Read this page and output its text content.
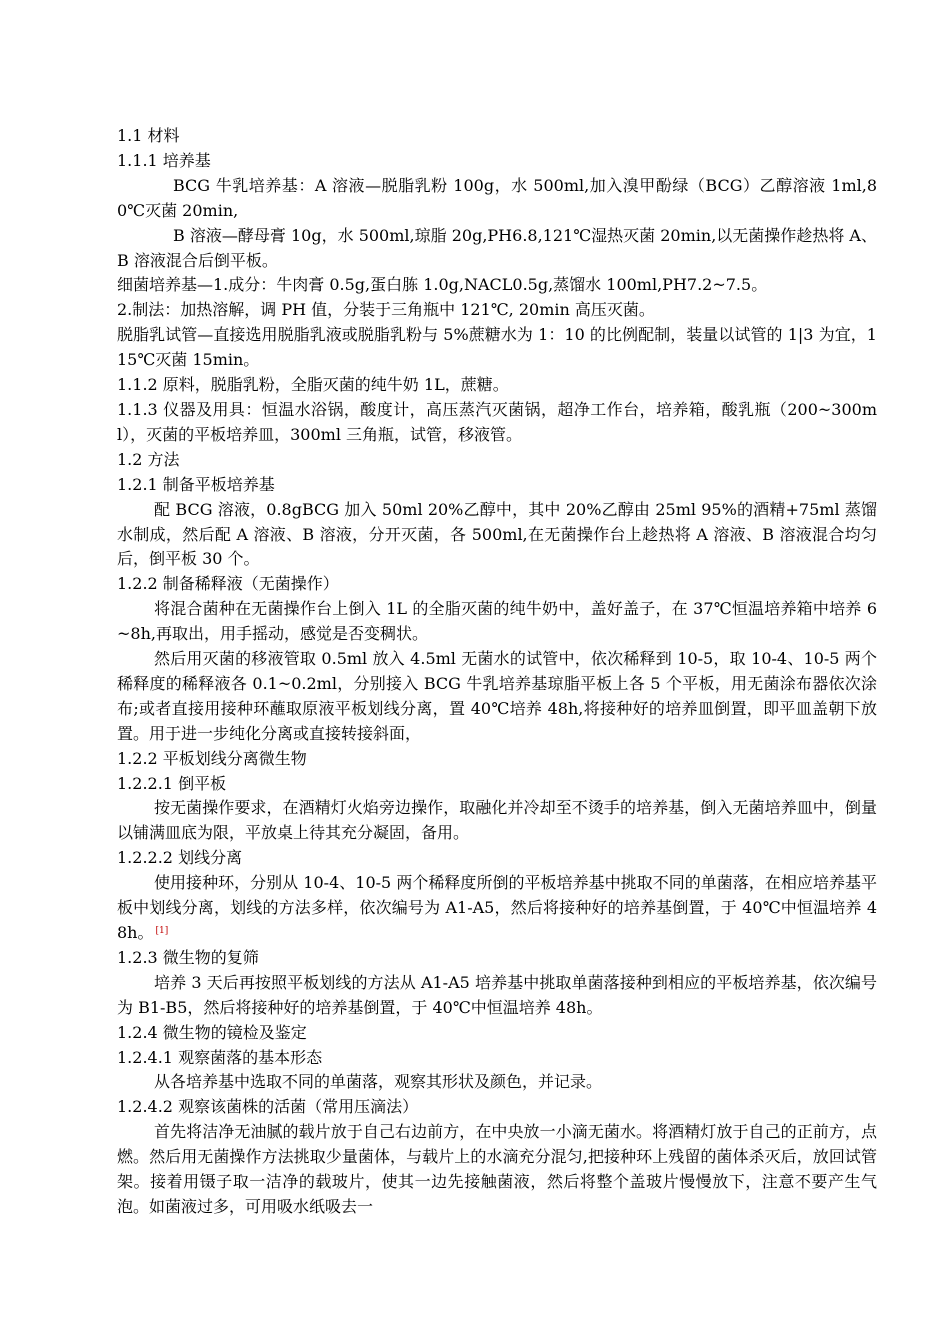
1.1 材料

1.1.1 培养基

BCG 牛乳培养基：A 溶液—脱脂乳粉 100g，水 500ml,加入溴甲酚绿（BCG）乙醇溶液 1ml,80℃灭菌 20min,

B 溶液—酵母膏 10g，水 500ml,琼脂 20g,PH6.8,121℃湿热灭菌 20min,以无菌操作趁热将 A、B 溶液混合后倒平板。

细菌培养基—1.成分：牛肉膏 0.5g,蛋白胨 1.0g,NACL0.5g,蒸馏水 100ml,PH7.2~7.5。

2.制法：加热溶解，调 PH 值，分装于三角瓶中 121℃, 20min 高压灭菌。

脱脂乳试管—直接选用脱脂乳液或脱脂乳粉与 5%蔗糖水为 1：10 的比例配制，装量以试管的 1|3 为宜，115℃灭菌 15min。

1.1.2 原料，脱脂乳粉，全脂灭菌的纯牛奶 1L，蔗糖。

1.1.3 仪器及用具：恒温水浴锅，酸度计，高压蒸汽灭菌锅，超净工作台，培养箱，酸乳瓶（200~300ml），灭菌的平板培养皿，300ml 三角瓶，试管，移液管。

1.2 方法

1.2.1 制备平板培养基

配 BCG 溶液，0.8gBCG 加入 50ml 20%乙醇中，其中 20%乙醇由 25ml 95%的酒精+75ml 蒸馏水制成，然后配 A 溶液、B 溶液，分开灭菌，各 500ml,在无菌操作台上趁热将 A 溶液、B 溶液混合均匀后，倒平板 30 个。

1.2.2 制备稀释液（无菌操作）

将混合菌种在无菌操作台上倒入 1L 的全脂灭菌的纯牛奶中，盖好盖子，在 37℃恒温培养箱中培养 6~8h,再取出，用手摇动，感觉是否变稠状。

然后用灭菌的移液管取 0.5ml 放入 4.5ml 无菌水的试管中，依次稀释到 10-5，取 10-4、10-5 两个稀释度的稀释液各 0.1~0.2ml，分别接入 BCG 牛乳培养基琼脂平板上各 5 个平板，用无菌涂布器依次涂布;或者直接用接种环蘸取原液平板划线分离，置 40℃培养 48h,将接种好的培养皿倒置，即平皿盖朝下放置。用于进一步纯化分离或直接转接斜面，

1.2.2 平板划线分离微生物

1.2.2.1 倒平板

按无菌操作要求，在酒精灯火焰旁边操作，取融化并冷却至不烫手的培养基，倒入无菌培养皿中，倒量以铺满皿底为限，平放桌上待其充分凝固，备用。

1.2.2.2 划线分离

使用接种环，分别从 10-4、10-5 两个稀释度所倒的平板培养基中挑取不同的单菌落，在相应培养基平板中划线分离，划线的方法多样，依次编号为 A1-A5，然后将接种好的培养基倒置，于 40℃中恒温培养 48h。 [1]

1.2.3 微生物的复筛

培养 3 天后再按照平板划线的方法从 A1-A5 培养基中挑取单菌落接种到相应的平板培养基，依次编号为 B1-B5，然后将接种好的培养基倒置，于 40℃中恒温培养 48h。

1.2.4 微生物的镜检及鉴定

1.2.4.1 观察菌落的基本形态

从各培养基中选取不同的单菌落，观察其形状及颜色，并记录。

1.2.4.2 观察该菌株的活菌（常用压滴法）

首先将洁净无油腻的载片放于自己右边前方，在中央放一小滴无菌水。将酒精灯放于自己的正前方，点燃。然后用无菌操作方法挑取少量菌体，与载片上的水滴充分混匀,把接种环上残留的菌体杀灭后，放回试管架。接着用镊子取一洁净的载玻片，使其一边先接触菌液，然后将整个盖玻片慢慢放下，注意不要产生气泡。如菌液过多，可用吸水纸吸去一
